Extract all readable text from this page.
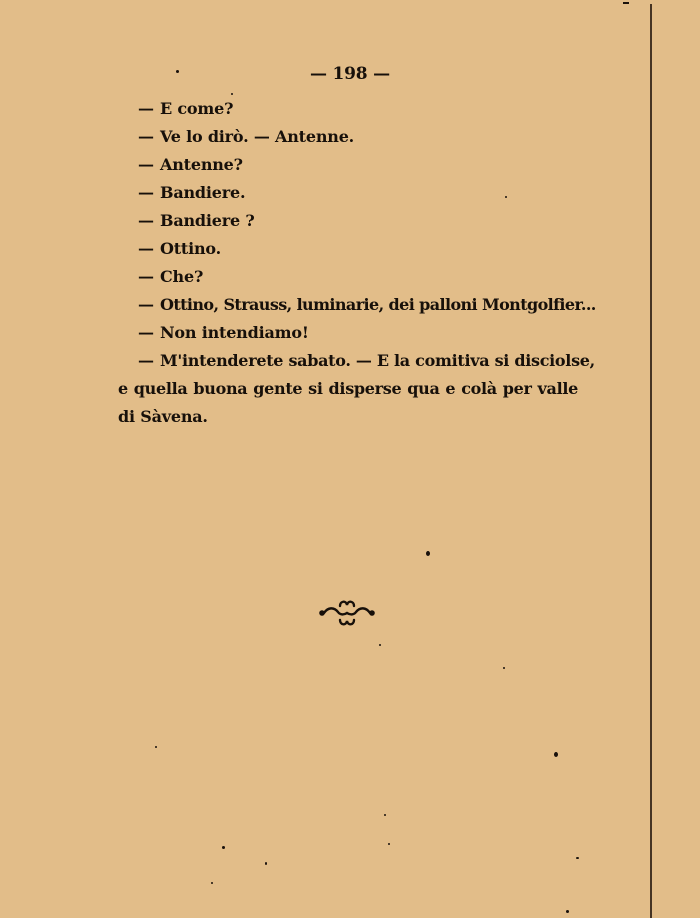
— 198 —
— E come?
— Ve lo dirò. — Antenne.
— Antenne?
— Bandiere.
— Bandiere ?
— Ottino.
— Che?
— Ottino, Strauss, luminarie, dei palloni Montgolfier...
— Non intendiamo!
— M'intenderete sabato. — E la comitiva si disciolse,
e quella buona gente si disperse qua e colà per valle
di Sàvena.
